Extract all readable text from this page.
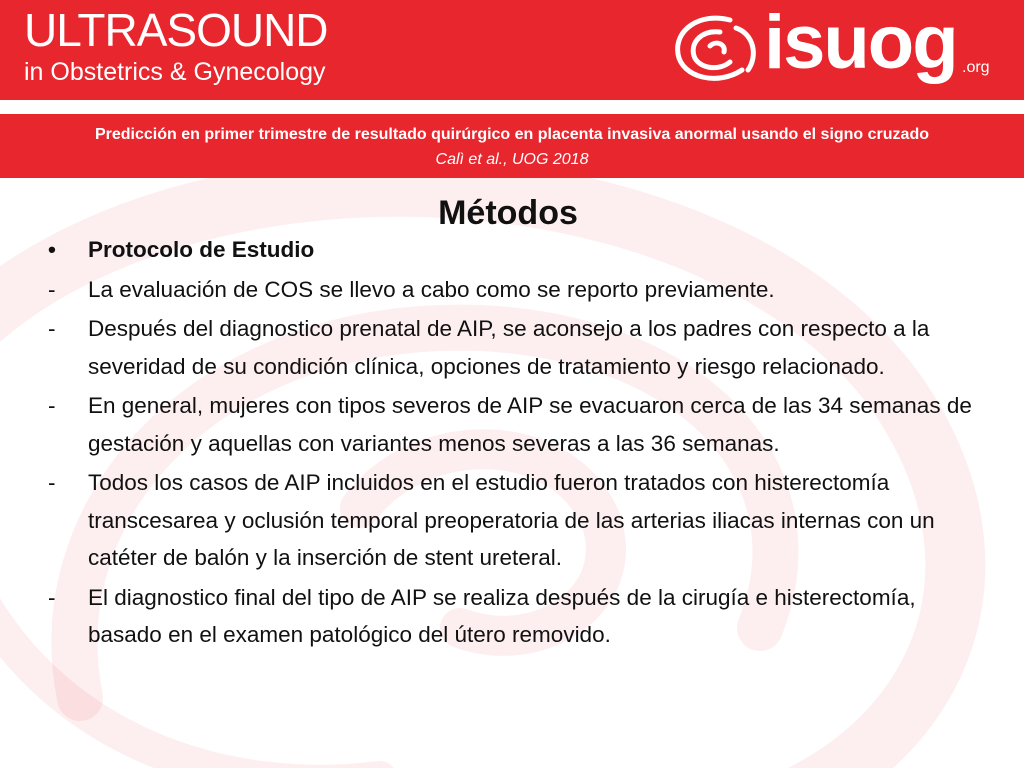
ULTRASOUND
in Obstetrics & Gynecology	isuog .org
Predicción en primer trimestre de resultado quirúrgico en placenta invasiva anormal usando el signo cruzado
Calì et al., UOG 2018
Métodos
• Protocolo de Estudio
- La evaluación de COS se llevo a cabo como se reporto previamente.
- Después del diagnostico prenatal de AIP, se aconsejo a los padres con respecto a la severidad de su condición clínica, opciones de tratamiento y riesgo relacionado.
- En general, mujeres con tipos severos de AIP se evacuaron cerca de las 34 semanas de gestación y aquellas con variantes menos severas a las 36 semanas.
- Todos los casos de AIP incluidos en el estudio fueron tratados con histerectomía transcesarea y oclusión temporal preoperatoria de las arterias iliacas internas con un catéter de balón y la inserción de stent ureteral.
- El diagnostico final del tipo de AIP se realiza después de la cirugía e histerectomía, basado en el examen patológico del útero removido.
